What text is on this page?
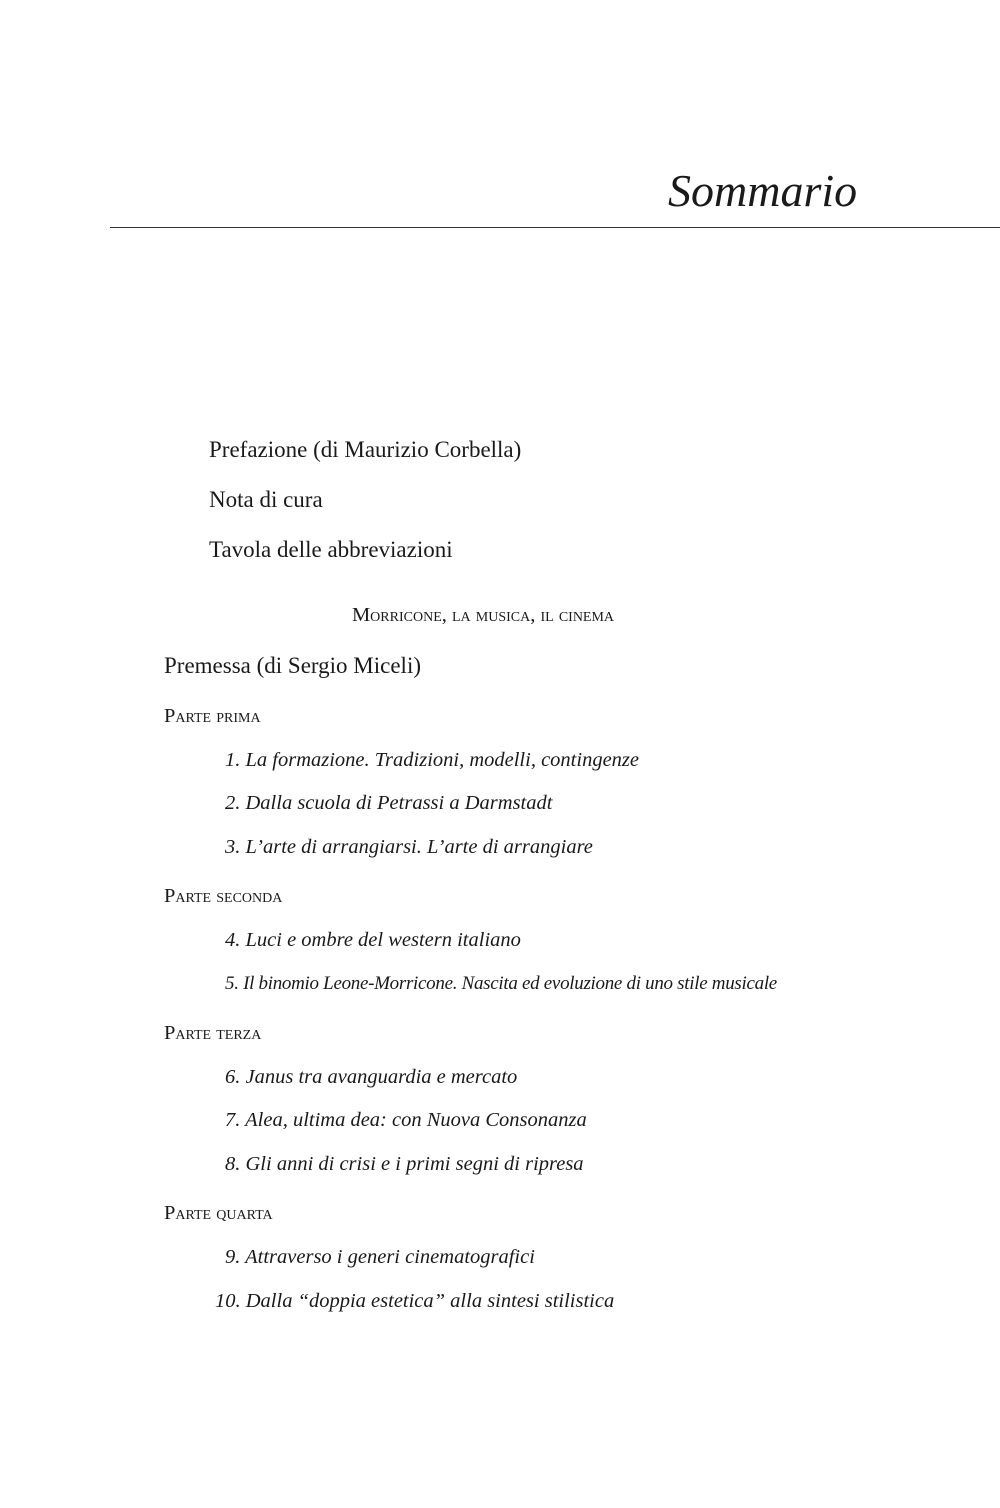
Sommario
Prefazione (di Maurizio Corbella)
Nota di cura
Tavola delle abbreviazioni
Morricone, la musica, il cinema
Premessa (di Sergio Miceli)
Parte prima
1. La formazione. Tradizioni, modelli, contingenze
2. Dalla scuola di Petrassi a Darmstadt
3. L’arte di arrangiarsi. L’arte di arrangiare
Parte seconda
4. Luci e ombre del western italiano
5. Il binomio Leone-Morricone. Nascita ed evoluzione di uno stile musicale
Parte terza
6. Janus tra avanguardia e mercato
7. Alea, ultima dea: con Nuova Consonanza
8. Gli anni di crisi e i primi segni di ripresa
Parte quarta
9. Attraverso i generi cinematografici
10. Dalla “doppia estetica” alla sintesi stilistica
